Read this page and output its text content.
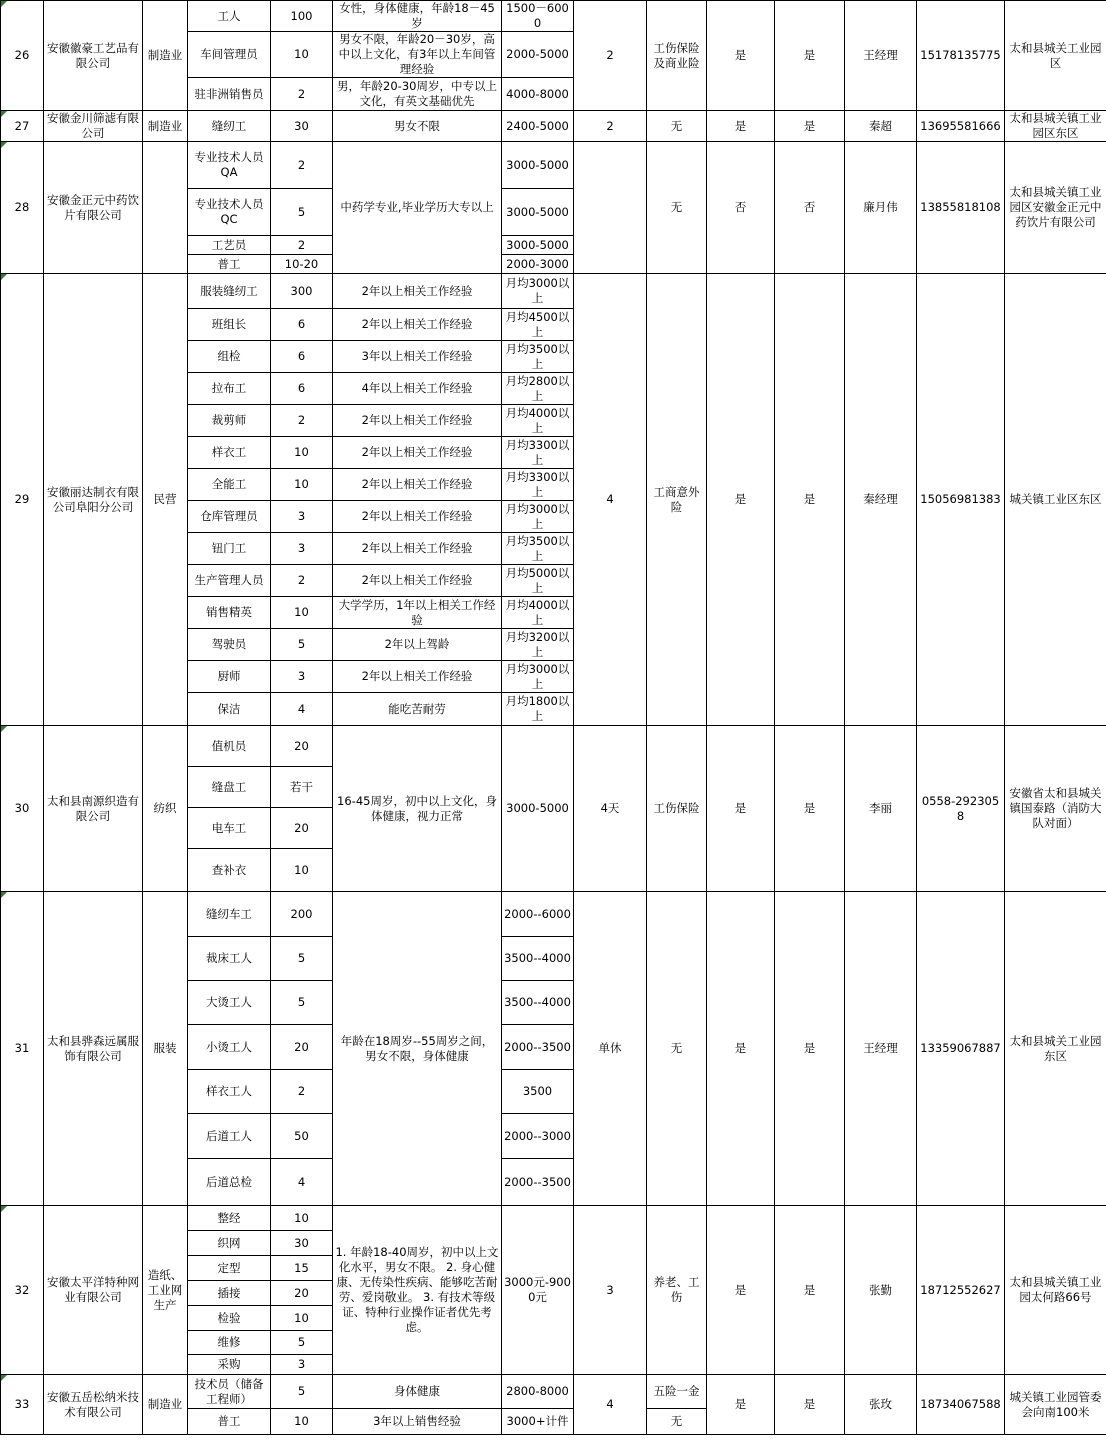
26	安徽徽豪工艺品有限公司	制造业	工人	100	女性，身体健康，年龄18－45岁	1500－6000	2	工伤保险及商业险	是	是	王经理	15178135775	太和县城关工业园区
			车间管理员	10	男女不限，年龄20－30岁，高中以上文化，有3年以上车间管理经验	2000-5000							
			驻非洲销售员	2	男，年龄20-30周岁，中专以上文化，有英文基础优先	4000-8000							
27	安徽金川筛滤有限公司	制造业	缝纫工	30	男女不限	2400-5000	2	无	是	是	秦超	13695581666	太和县城关镇工业园区东区
28	安徽金正元中药饮片有限公司		专业技术人员QA	2	中药学专业,毕业学历大专以上	3000-5000		无	否	否	廉月伟	13855818108	太和县城关镇工业园区安徽金正元中药饮片有限公司
			专业技术人员QC	5		3000-5000							
			工艺员	2		3000-5000							
			普工	10-20		2000-3000							
29	安徽丽达制衣有限公司阜阳分公司	民营	服装缝纫工	300	2年以上相关工作经验	月均3000以上	4	工商意外险	是	是	秦经理	15056981383	城关镇工业区东区
			班组长	6	2年以上相关工作经验	月均4500以上							
			组检	6	3年以上相关工作经验	月均3500以上							
			拉布工	6	4年以上相关工作经验	月均2800以上							
			裁剪师	2	2年以上相关工作经验	月均4000以上							
			样衣工	10	2年以上相关工作经验	月均3300以上							
			全能工	10	2年以上相关工作经验	月均3300以上							
			仓库管理员	3	2年以上相关工作经验	月均3000以上							
			钮门工	3	2年以上相关工作经验	月均3500以上							
			生产管理人员	2	2年以上相关工作经验	月均5000以上							
			销售精英	10	大学学历，1年以上相关工作经验	月均4000以上							
			驾驶员	5	2年以上驾龄	月均3200以上							
			厨师	3	2年以上相关工作经验	月均3000以上							
			保洁	4	能吃苦耐劳	月均1800以上							
30	太和县南源织造有限公司	纺织	值机员	20	16-45周岁，初中以上文化，身体健康，视力正常	3000-5000	4天	工伤保险	是	是	李丽	0558-2923058	安徽省太和县城关镇国泰路（消防大队对面）
			缝盘工	若干									
			电车工	20									
			查补衣	10									
31	太和县骅森远属服饰有限公司	服装	缝纫车工	200	年龄在18周岁--55周岁之间，男女不限，身体健康	2000--6000	单休	无	是	是	王经理	13359067887	太和县城关工业园东区
			裁床工人	5		3500--4000							
			大烫工人	5		3500--4000							
			小烫工人	20		2000--3500							
			样衣工人	2		3500							
			后道工人	50		2000--3000							
			后道总检	4		2000--3500							
32	安徽太平洋特种网业有限公司	造纸、工业网生产	整经	10	1. 年龄18-40周岁，初中以上文化水平，男女不限。 2. 身心健康、无传染性疾病、能够吃苦耐劳、爱岗敬业。 3. 有技术等级证、特种行业操作证者优先考虑。	3000元-9000元	3	养老、工伤	是	是	张勤	18712552627	太和县城关镇工业园太何路66号
			织网	30									
			定型	15									
			插接	20									
			检验	10									
			维修	5									
			采购	3									
33	安徽五岳松纳米技术有限公司	制造业	技术员（储备工程师）	5	身体健康	2800-8000	4	五险一金	是	是	张玫	18734067588	城关镇工业园管委会向南100米
			普工	10	3年以上销售经验	3000+计件		无					
